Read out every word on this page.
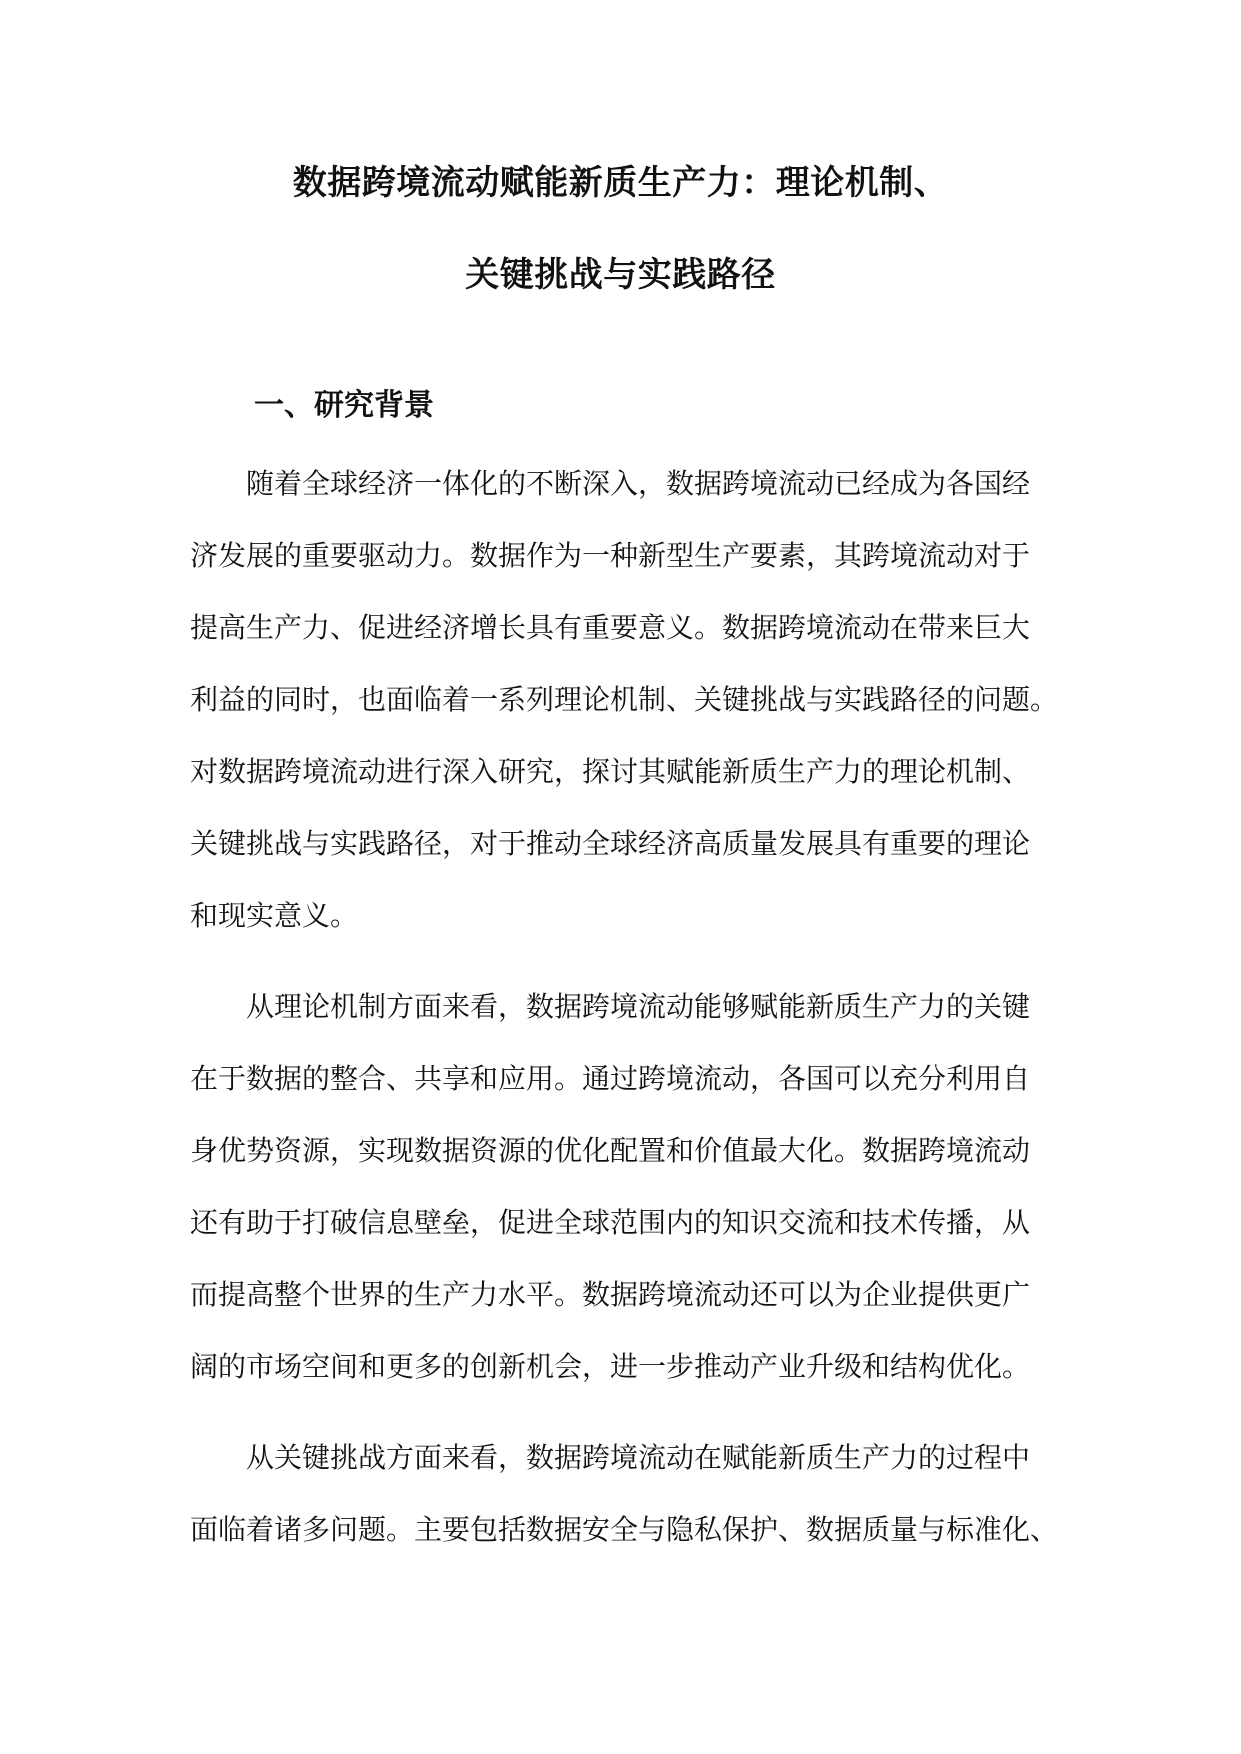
数据跨境流动赋能新质生产力：理论机制、
关键挑战与实践路径
一、研究背景
随着全球经济一体化的不断深入，数据跨境流动已经成为各国经
济发展的重要驱动力。数据作为一种新型生产要素，其跨境流动对于
提高生产力、促进经济增长具有重要意义。数据跨境流动在带来巨大
利益的同时，也面临着一系列理论机制、关键挑战与实践路径的问题。
对数据跨境流动进行深入研究，探讨其赋能新质生产力的理论机制、
关键挑战与实践路径，对于推动全球经济高质量发展具有重要的理论
和现实意义。
从理论机制方面来看，数据跨境流动能够赋能新质生产力的关键
在于数据的整合、共享和应用。通过跨境流动，各国可以充分利用自
身优势资源，实现数据资源的优化配置和价值最大化。数据跨境流动
还有助于打破信息壁垒，促进全球范围内的知识交流和技术传播，从
而提高整个世界的生产力水平。数据跨境流动还可以为企业提供更广
阔的市场空间和更多的创新机会，进一步推动产业升级和结构优化。
从关键挑战方面来看，数据跨境流动在赋能新质生产力的过程中
面临着诸多问题。主要包括数据安全与隐私保护、数据质量与标准化、
